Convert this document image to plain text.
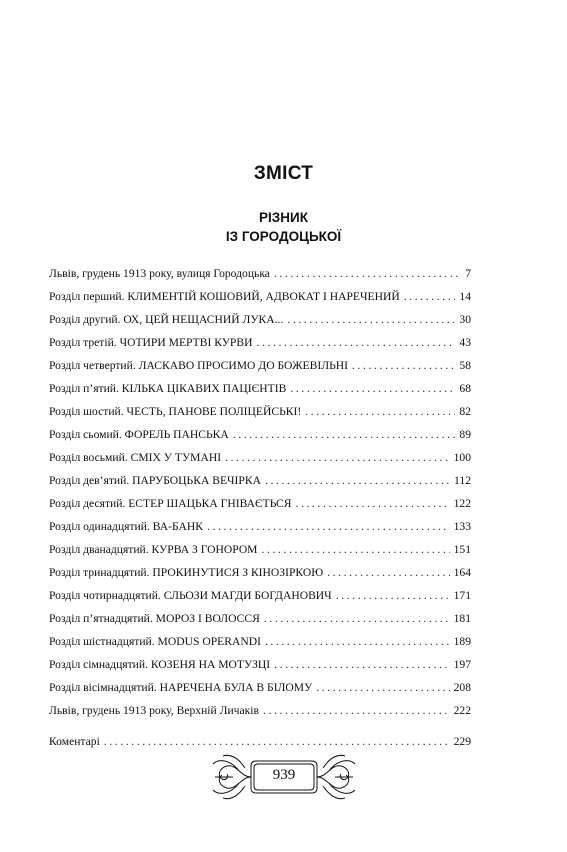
ЗМІСТ
РІЗНИК
ІЗ ГОРОДОЦЬКОЇ
Львів, грудень 1913 року, вулиця Городоцька .....	7
Розділ перший. КЛИМЕНТІЙ КОШОВИЙ, АДВОКАТ І НАРЕЧЕНИЙ .....	14
Розділ другий. ОХ, ЦЕЙ НЕЩАСНИЙ ЛУКА... .....	30
Розділ третій. ЧОТИРИ МЕРТВІ КУРВИ .....	43
Розділ четвертий. ЛАСКАВО ПРОСИМО ДО БОЖЕВІЛЬНІ .....	58
Розділ п’ятий. КІЛЬКА ЦІКАВИХ ПАЦІЄНТІВ .....	68
Розділ шостий. ЧЕСТЬ, ПАНОВЕ ПОЛІЦЕЙСЬКІ! .....	82
Розділ сьомий. ФОРЕЛЬ ПАНСЬКА .....	89
Розділ восьмий. СМІХ У ТУМАНІ .....	100
Розділ дев’ятий. ПАРУБОЦЬКА ВЕЧІРКА .....	112
Розділ десятий. ЕСТЕР ШАЦЬКА ГНІВАЄТЬСЯ .....	122
Розділ одинадцятий. ВА-БАНК .....	133
Розділ дванадцятий. КУРВА З ГОНОРОМ .....	151
Розділ тринадцятий. ПРОКИНУТИСЯ З КІНОЗІРКОЮ .....	164
Розділ чотирнадцятий. СЛЬОЗИ МАГДИ БОГДАНОВИЧ .....	171
Розділ п’ятнадцятий. МОРОЗ І ВОЛОССЯ .....	181
Розділ шістнадцятий. MODUS OPERANDI .....	189
Розділ сімнадцятий. КОЗЕНЯ НА МОТУЗЦІ .....	197
Розділ вісімнадцятий. НАРЕЧЕНА БУЛА В БІЛОМУ .....	208
Львів, грудень 1913 року, Верхній Личаків .....	222
Коментарі .....	229
939
